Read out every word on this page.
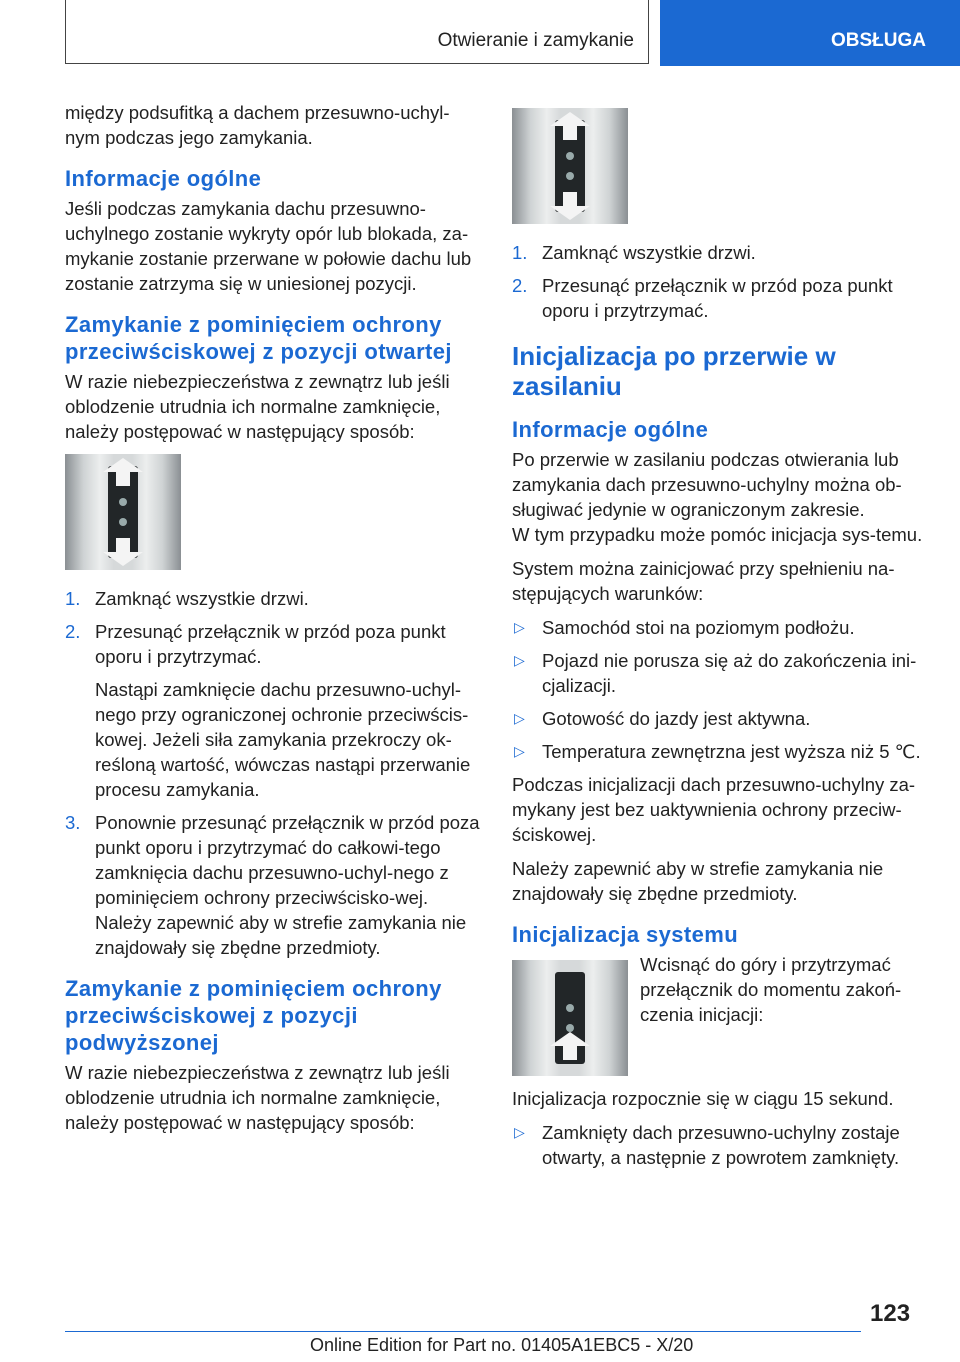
Otwieranie i zamykanie	OBSŁUGA

między podsufitką a dachem przesuwno-uchyl-nym podczas jego zamykania.

Informacje ogólne

Jeśli podczas zamykania dachu przesuwno-uchylnego zostanie wykryty opór lub blokada, za-mykanie zostanie przerwane w połowie dachu lub zostanie zatrzyma się w uniesionej pozycji.

Zamykanie z pominięciem ochrony przeciwściskowej z pozycji otwartej

W razie niebezpieczeństwa z zewnątrz lub jeśli oblodzenie utrudnia ich normalne zamknięcie, należy postępować w następujący sposób:

1. Zamknąć wszystkie drzwi.
2. Przesunąć przełącznik w przód poza punkt oporu i przytrzymać.
Nastąpi zamknięcie dachu przesuwno-uchyl-nego przy ograniczonej ochronie przeciwścis-kowej. Jeżeli siła zamykania przekroczy ok-reśloną wartość, wówczas nastąpi przerwanie procesu zamykania.
3. Ponownie przesunąć przełącznik w przód poza punkt oporu i przytrzymać do całkowi-tego zamknięcia dachu przesuwno-uchyl-nego z pominięciem ochrony przeciwścisko-wej. Należy zapewnić aby w strefie zamykania nie znajdowały się zbędne przedmioty.
Zamykanie z pominięciem ochrony przeciwściskowej z pozycji podwyższonej

W razie niebezpieczeństwa z zewnątrz lub jeśli oblodzenie utrudnia ich normalne zamknięcie, należy postępować w następujący sposób:

1. Zamknąć wszystkie drzwi.
2. Przesunąć przełącznik w przód poza punkt oporu i przytrzymać.
Inicjalizacja po przerwie w zasilaniu
Informacje ogólne

Po przerwie w zasilaniu podczas otwierania lub zamykania dach przesuwno-uchylny można ob-sługiwać jedynie w ograniczonym zakresie.

W tym przypadku może pomóc inicjacja sys-temu.

System można zainicjować przy spełnieniu na-stępujących warunków:

▷ Samochód stoi na poziomym podłożu.
▷ Pojazd nie porusza się aż do zakończenia ini-cjalizacji.
▷ Gotowość do jazdy jest aktywna.
▷ Temperatura zewnętrzna jest wyższa niż 5 ℃.

Podczas inicjalizacji dach przesuwno-uchylny za-mykany jest bez uaktywnienia ochrony przeciw-ściskowej.

Należy zapewnić aby w strefie zamykania nie znajdowały się zbędne przedmioty.

Inicjalizacja systemu

Wcisnąć do góry i przytrzymać przełącznik do momentu zakoń-czenia inicjacji:

Inicjalizacja rozpocznie się w ciągu 15 sekund.

▷ Zamknięty dach przesuwno-uchylny zostaje otwarty, a następnie z powrotem zamknięty.
123
Online Edition for Part no. 01405A1EBC5 - X/20
